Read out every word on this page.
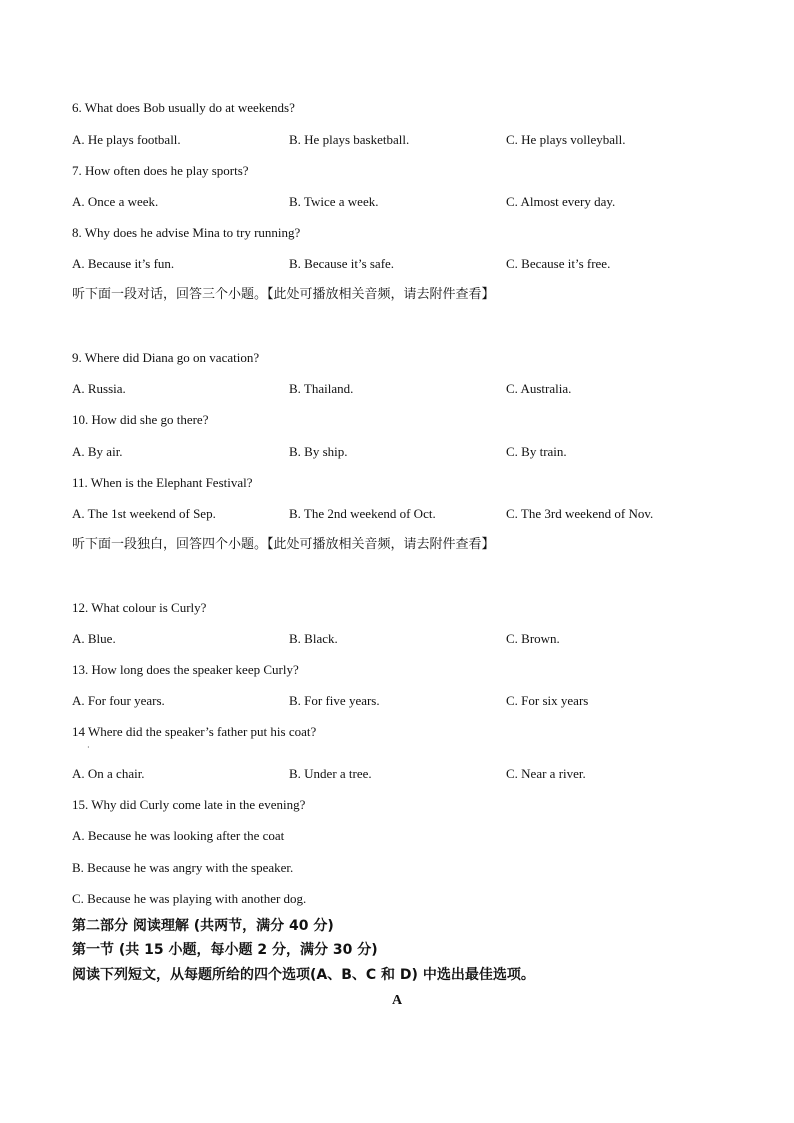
6. What does Bob usually do at weekends?
A. He plays football.	B. He plays basketball.	C. He plays volleyball.
7. How often does he play sports?
A. Once a week.	B. Twice a week.	C. Almost every day.
8. Why does he advise Mina to try running?
A. Because it’s fun.	B. Because it’s safe.	C. Because it’s free.
听下面一段对话，回答三个小题。【此处可播放相关音频，请去附件查看】
9. Where did Diana go on vacation?
A. Russia.	B. Thailand.	C. Australia.
10. How did she go there?
A. By air.	B. By ship.	C. By train.
11. When is the Elephant Festival?
A. The 1st weekend of Sep.	B. The 2nd weekend of Oct.	C. The 3rd weekend of Nov.
听下面一段独白，回答四个小题。【此处可播放相关音频，请去附件查看】
12. What colour is Curly?
A. Blue.	B. Black.	C. Brown.
13. How long does the speaker keep Curly?
A. For four years.	B. For five years.	C. For six years
14 Where did the speaker’s father put his coat?
·
A. On a chair.	B. Under a tree.	C. Near a river.
15. Why did Curly come late in the evening?
A. Because he was looking after the coat
B. Because he was angry with the speaker.
C. Because he was playing with another dog.
第二部分 阅读理解 (共两节，满分 40 分)
第一节 (共 15 小题，每小题 2 分，满分 30 分)
阅读下列短文，从每题所给的四个选项(A、B、C 和 D) 中选出最佳选项。
A
